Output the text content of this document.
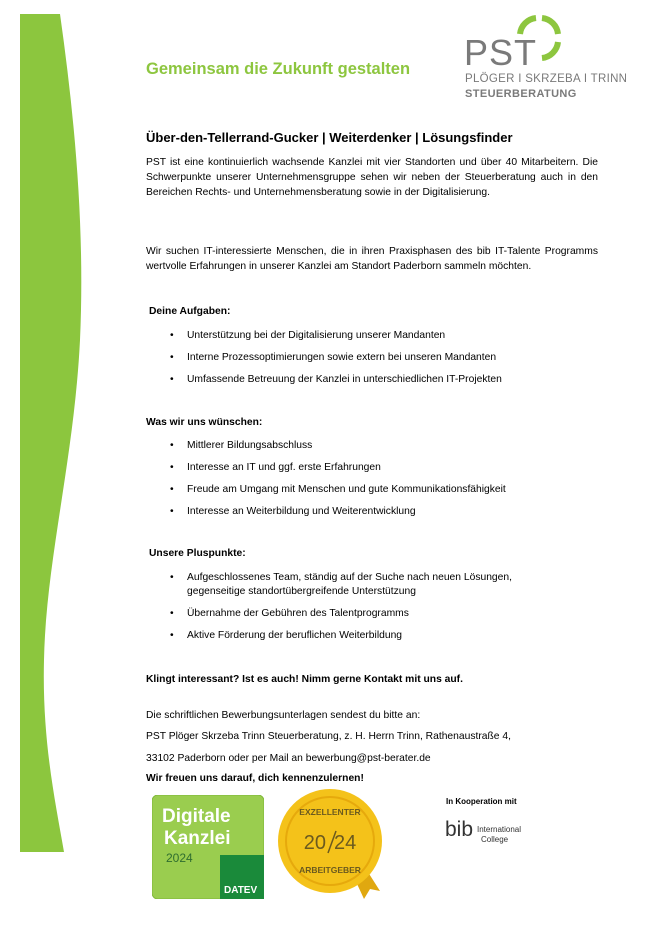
Gemeinsam die Zukunft gestalten PST
PLÖGER I SKRZEBA I TRINN
STEUERBERATUNG
Über-den-Tellerrand-Gucker | Weiterdenker | Lösungsfinder

PST ist eine kontinuierlich wachsende Kanzlei mit vier Standorten und über 40 Mitarbeitern. Die Schwerpunkte unserer Unternehmensgruppe sehen wir neben der Steuerberatung auch in den Bereichen Rechts- und Unternehmensberatung sowie in der Digitalisierung.

Wir suchen IT-interessierte Menschen, die in ihren Praxisphasen des bib IT-Talente Programms wertvolle Erfahrungen in unserer Kanzlei am Standort Paderborn sammeln möchten.

Deine Aufgaben:
• Unterstützung bei der Digitalisierung unserer Mandanten
• Interne Prozessoptimierungen sowie extern bei unseren Mandanten
• Umfassende Betreuung der Kanzlei in unterschiedlichen IT-Projekten
Was wir uns wünschen:
• Mittlerer Bildungsabschluss
• Interesse an IT und ggf. erste Erfahrungen
• Freude am Umgang mit Menschen und gute Kommunikationsfähigkeit
• Interesse an Weiterbildung und Weiterentwicklung
Unsere Pluspunkte:
• Aufgeschlossenes Team, ständig auf der Suche nach neuen Lösungen, gegenseitige standortübergreifende Unterstützung
• Übernahme der Gebühren des Talentprogramms
• Aktive Förderung der beruflichen Weiterbildung
Klingt interessant? Ist es auch! Nimm gerne Kontakt mit uns auf.
Die schriftlichen Bewerbungsunterlagen sendest du bitte an:
PST Plöger Skrzeba Trinn Steuerberatung, z. H. Herrn Trinn, Rathenaustraße 4,
33102 Paderborn oder per Mail an bewerbung@pst-berater.de
Wir freuen uns darauf, dich kennenzulernen!
Digitale
Kanzlei
2024
DATEV
EXZELLENTER
20 24
ARBEITGEBER
In Kooperation mit
bib International
College
